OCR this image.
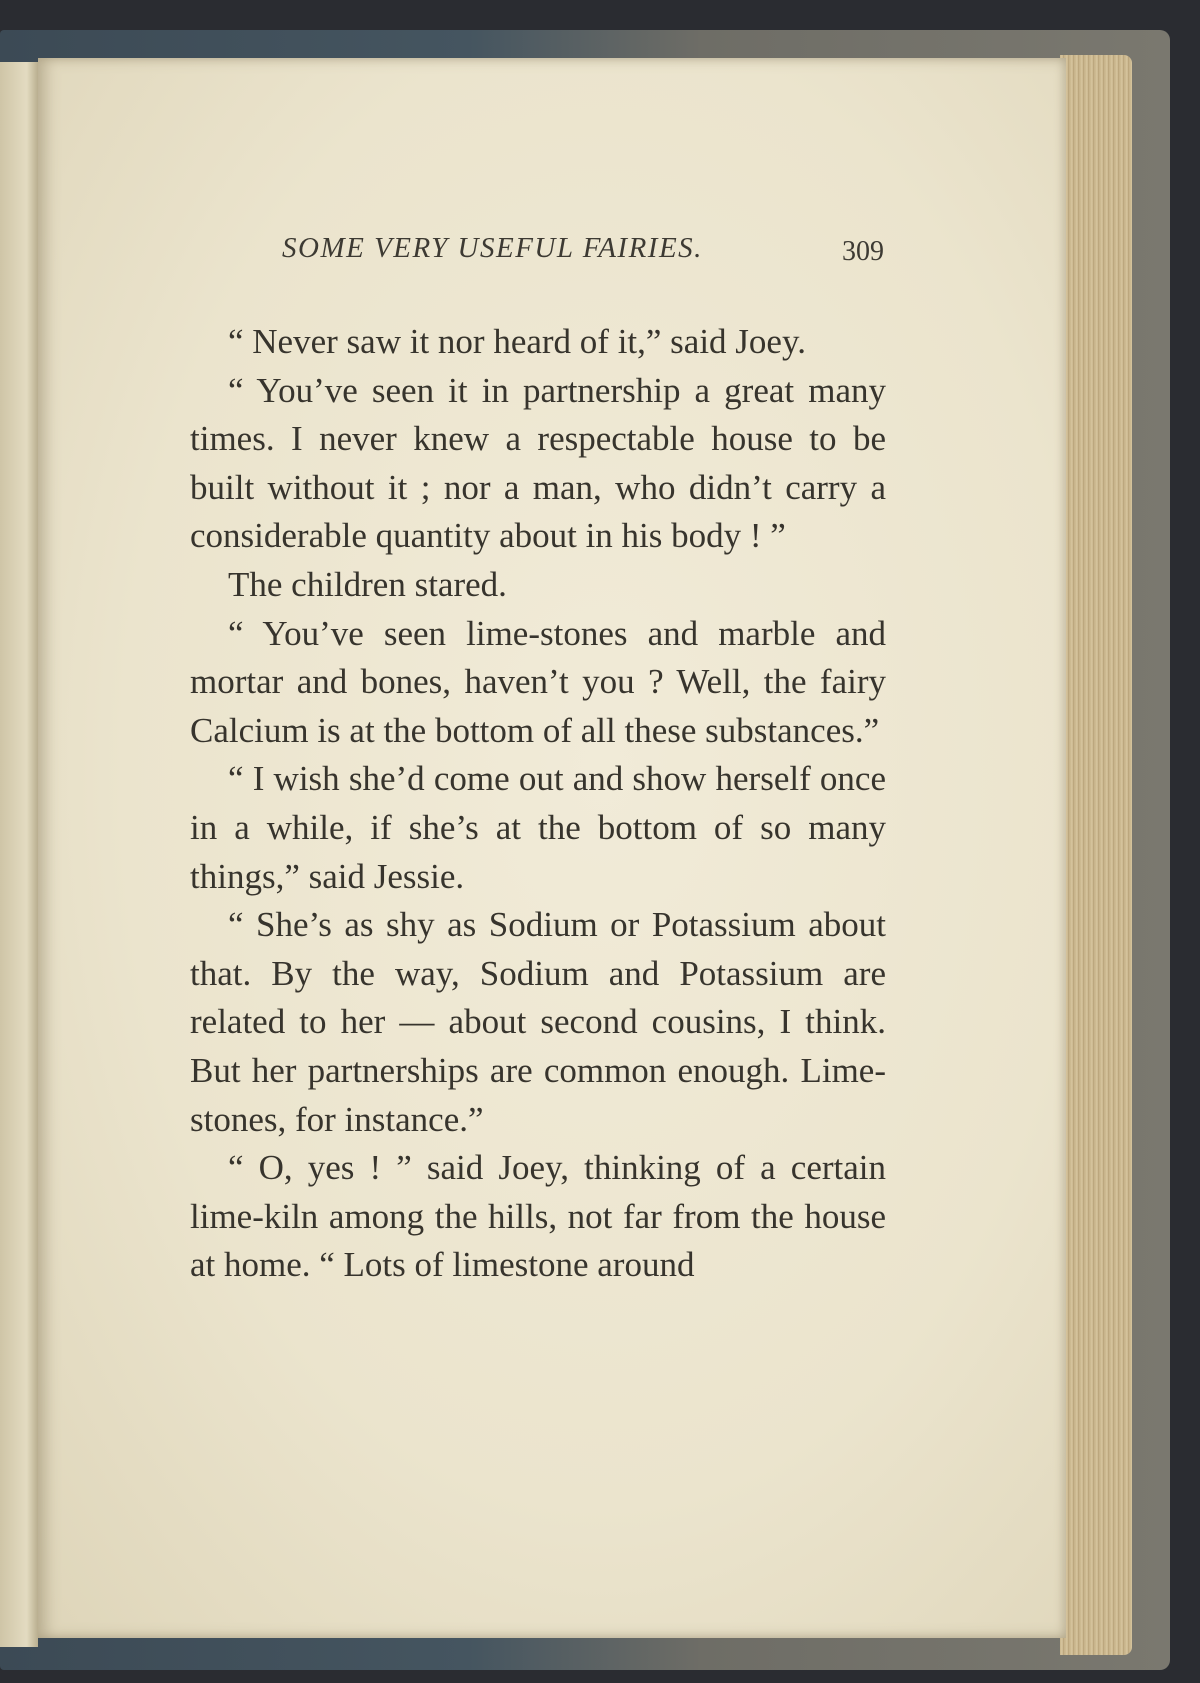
SOME VERY USEFUL FAIRIES.	309

“ Never saw it nor heard of it,” said Joey.

“ You’ve seen it in partnership a great many times. I never knew a respectable house to be built without it ; nor a man, who didn’t carry a considerable quantity about in his body ! ”

The children stared.

“ You’ve seen lime-stones and marble and mortar and bones, haven’t you ? Well, the fairy Calcium is at the bottom of all these substances.”

“ I wish she’d come out and show herself once in a while, if she’s at the bottom of so many things,” said Jessie.

“ She’s as shy as Sodium or Potassium about that. By the way, Sodium and Potassium are related to her — about second cousins, I think. But her partnerships are common enough. Lime-stones, for instance.”

“ O, yes ! ” said Joey, thinking of a certain lime-kiln among the hills, not far from the house at home. “ Lots of limestone around
